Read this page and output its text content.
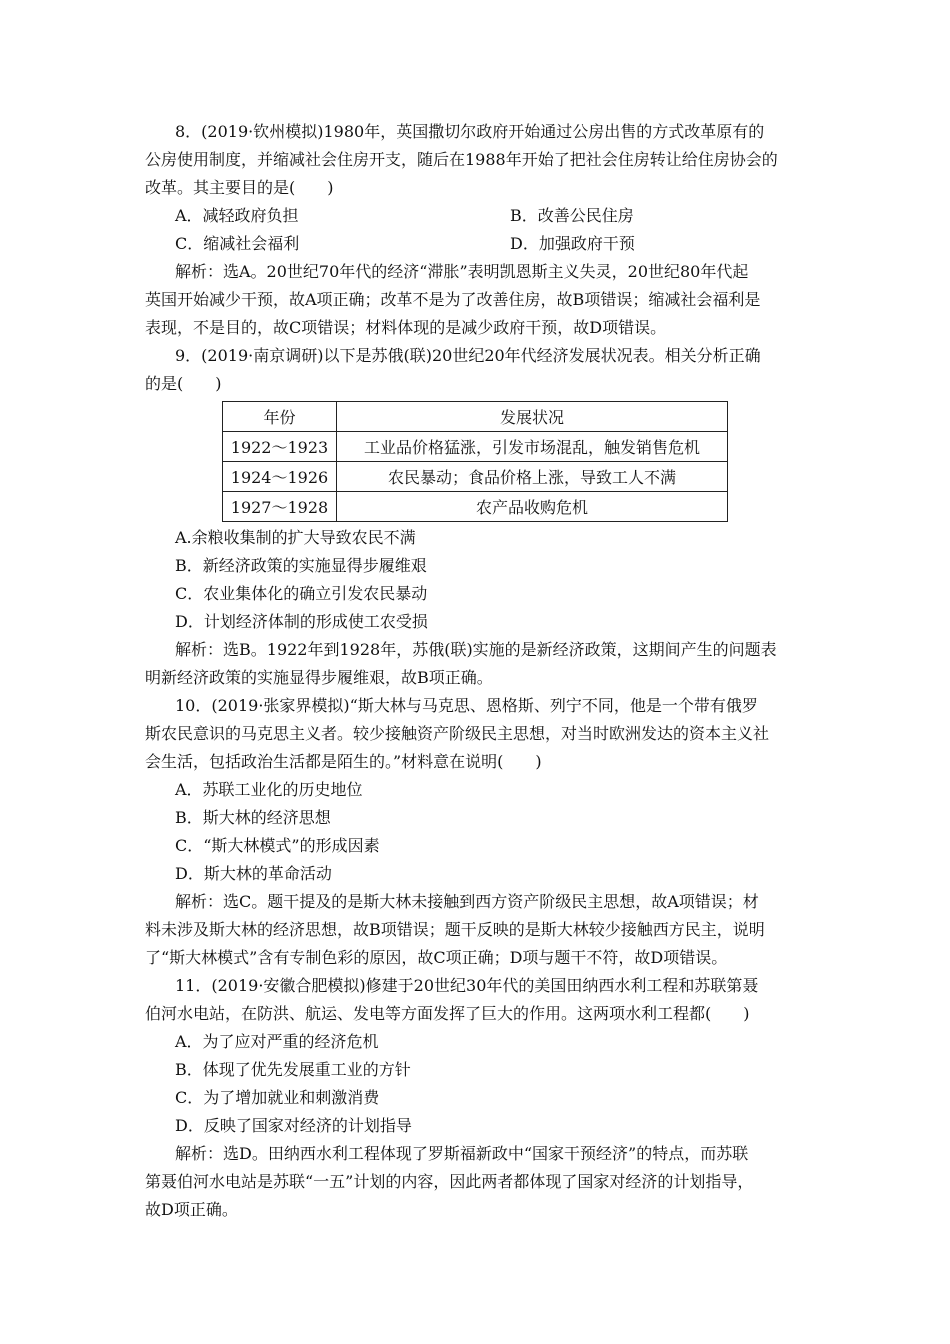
8．(2019·钦州模拟)1980年，英国撒切尔政府开始通过公房出售的方式改革原有的
公房使用制度，并缩减社会住房开支，随后在1988年开始了把社会住房转让给住房协会的
改革。其主要目的是(　　)
A．减轻政府负担	B．改善公民住房
C．缩减社会福利	D．加强政府干预
解析：选A。20世纪70年代的经济“滞胀”表明凯恩斯主义失灵，20世纪80年代起
英国开始减少干预，故A项正确；改革不是为了改善住房，故B项错误；缩减社会福利是
表现，不是目的，故C项错误；材料体现的是减少政府干预，故D项错误。
9．(2019·南京调研)以下是苏俄(联)20世纪20年代经济发展状况表。相关分析正确
的是(　　)
年份	发展状况
1922～1923	工业品价格猛涨，引发市场混乱，触发销售危机
1924～1926	农民暴动；食品价格上涨，导致工人不满
1927～1928	农产品收购危机
A.余粮收集制的扩大导致农民不满
B．新经济政策的实施显得步履维艰
C．农业集体化的确立引发农民暴动
D．计划经济体制的形成使工农受损
解析：选B。1922年到1928年，苏俄(联)实施的是新经济政策，这期间产生的问题表
明新经济政策的实施显得步履维艰，故B项正确。
10．(2019·张家界模拟)“斯大林与马克思、恩格斯、列宁不同，他是一个带有俄罗
斯农民意识的马克思主义者。较少接触资产阶级民主思想，对当时欧洲发达的资本主义社
会生活，包括政治生活都是陌生的。”材料意在说明(　　)
A．苏联工业化的历史地位
B．斯大林的经济思想
C．“斯大林模式”的形成因素
D．斯大林的革命活动
解析：选C。题干提及的是斯大林未接触到西方资产阶级民主思想，故A项错误；材
料未涉及斯大林的经济思想，故B项错误；题干反映的是斯大林较少接触西方民主，说明
了“斯大林模式”含有专制色彩的原因，故C项正确；D项与题干不符，故D项错误。
11．(2019·安徽合肥模拟)修建于20世纪30年代的美国田纳西水利工程和苏联第聂
伯河水电站，在防洪、航运、发电等方面发挥了巨大的作用。这两项水利工程都(　　)
A．为了应对严重的经济危机
B．体现了优先发展重工业的方针
C．为了增加就业和刺激消费
D．反映了国家对经济的计划指导
解析：选D。田纳西水利工程体现了罗斯福新政中“国家干预经济”的特点，而苏联
第聂伯河水电站是苏联“一五”计划的内容，因此两者都体现了国家对经济的计划指导，
故D项正确。
